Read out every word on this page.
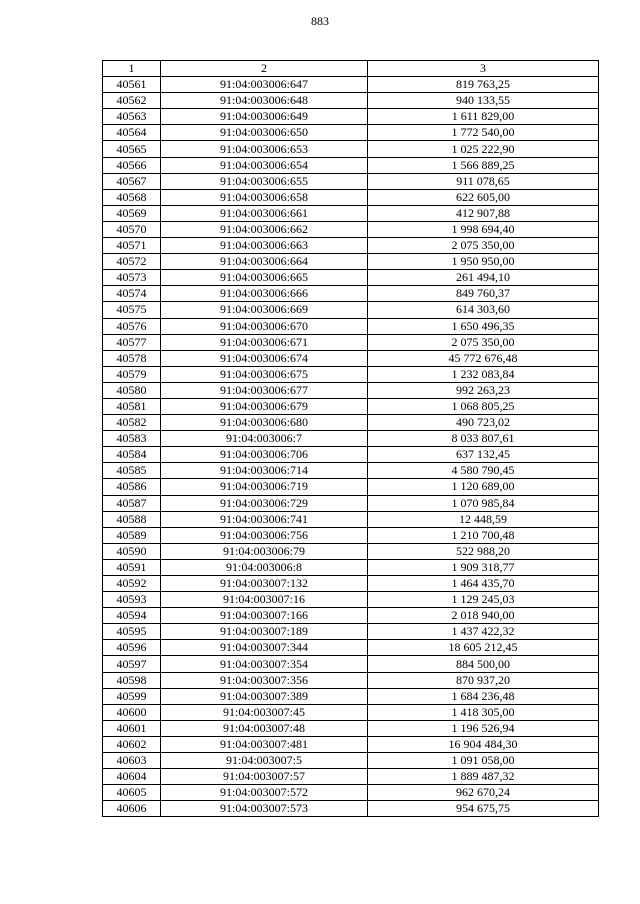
883
1	2	3
40561	91:04:003006:647	819 763,25
40562	91:04:003006:648	940 133,55
40563	91:04:003006:649	1 611 829,00
40564	91:04:003006:650	1 772 540,00
40565	91:04:003006:653	1 025 222,90
40566	91:04:003006:654	1 566 889,25
40567	91:04:003006:655	911 078,65
40568	91:04:003006:658	622 605,00
40569	91:04:003006:661	412 907,88
40570	91:04:003006:662	1 998 694,40
40571	91:04:003006:663	2 075 350,00
40572	91:04:003006:664	1 950 950,00
40573	91:04:003006:665	261 494,10
40574	91:04:003006:666	849 760,37
40575	91:04:003006:669	614 303,60
40576	91:04:003006:670	1 650 496,35
40577	91:04:003006:671	2 075 350,00
40578	91:04:003006:674	45 772 676,48
40579	91:04:003006:675	1 232 083,84
40580	91:04:003006:677	992 263,23
40581	91:04:003006:679	1 068 805,25
40582	91:04:003006:680	490 723,02
40583	91:04:003006:7	8 033 807,61
40584	91:04:003006:706	637 132,45
40585	91:04:003006:714	4 580 790,45
40586	91:04:003006:719	1 120 689,00
40587	91:04:003006:729	1 070 985,84
40588	91:04:003006:741	12 448,59
40589	91:04:003006:756	1 210 700,48
40590	91:04:003006:79	522 988,20
40591	91:04:003006:8	1 909 318,77
40592	91:04:003007:132	1 464 435,70
40593	91:04:003007:16	1 129 245,03
40594	91:04:003007:166	2 018 940,00
40595	91:04:003007:189	1 437 422,32
40596	91:04:003007:344	18 605 212,45
40597	91:04:003007:354	884 500,00
40598	91:04:003007:356	870 937,20
40599	91:04:003007:389	1 684 236,48
40600	91:04:003007:45	1 418 305,00
40601	91:04:003007:48	1 196 526,94
40602	91:04:003007:481	16 904 484,30
40603	91:04:003007:5	1 091 058,00
40604	91:04:003007:57	1 889 487,32
40605	91:04:003007:572	962 670,24
40606	91:04:003007:573	954 675,75
